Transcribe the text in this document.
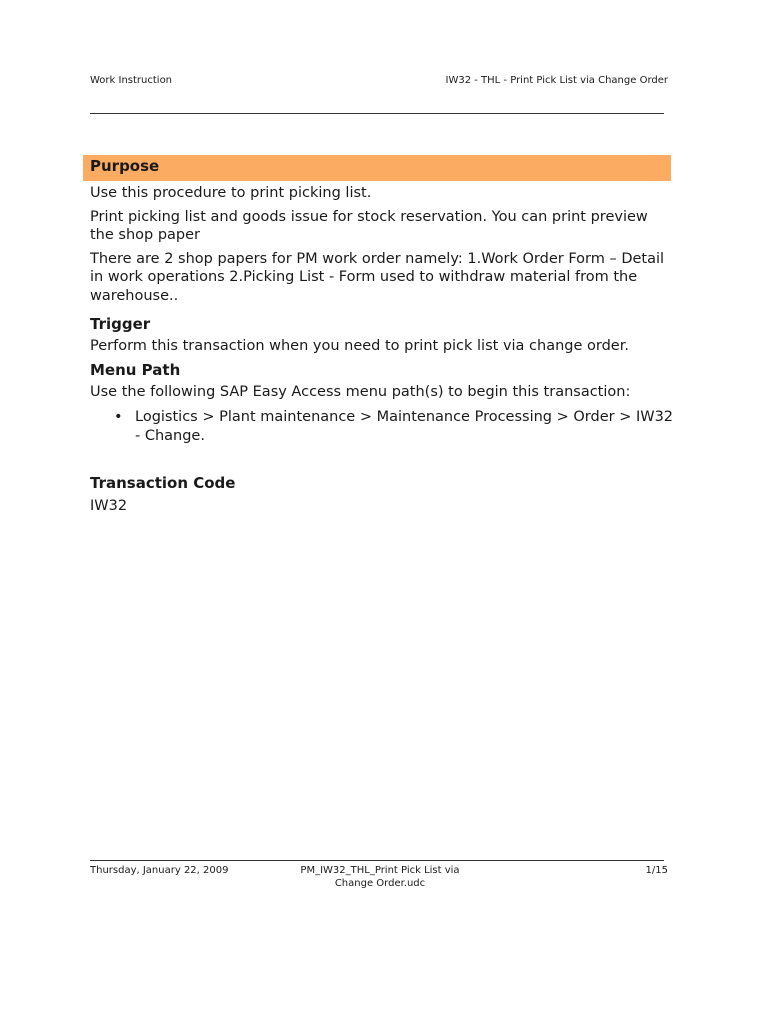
Work Instruction	IW32 - THL - Print Pick List via Change Order
Purpose

Use this procedure to print picking list.

Print picking list and goods issue for stock reservation. You can print preview the shop paper

There are 2 shop papers for PM work order namely: 1.Work Order Form – Detail in work operations 2.Picking List - Form used to withdraw material from the warehouse..

Trigger

Perform this transaction when you need to print pick list via change order.

Menu Path

Use the following SAP Easy Access menu path(s) to begin this transaction:

• Logistics > Plant maintenance > Maintenance Processing > Order > IW32 - Change.
Transaction Code

IW32

Thursday, January 22, 2009	PM_IW32_THL_Print Pick List via
Change Order.udc
1/15
